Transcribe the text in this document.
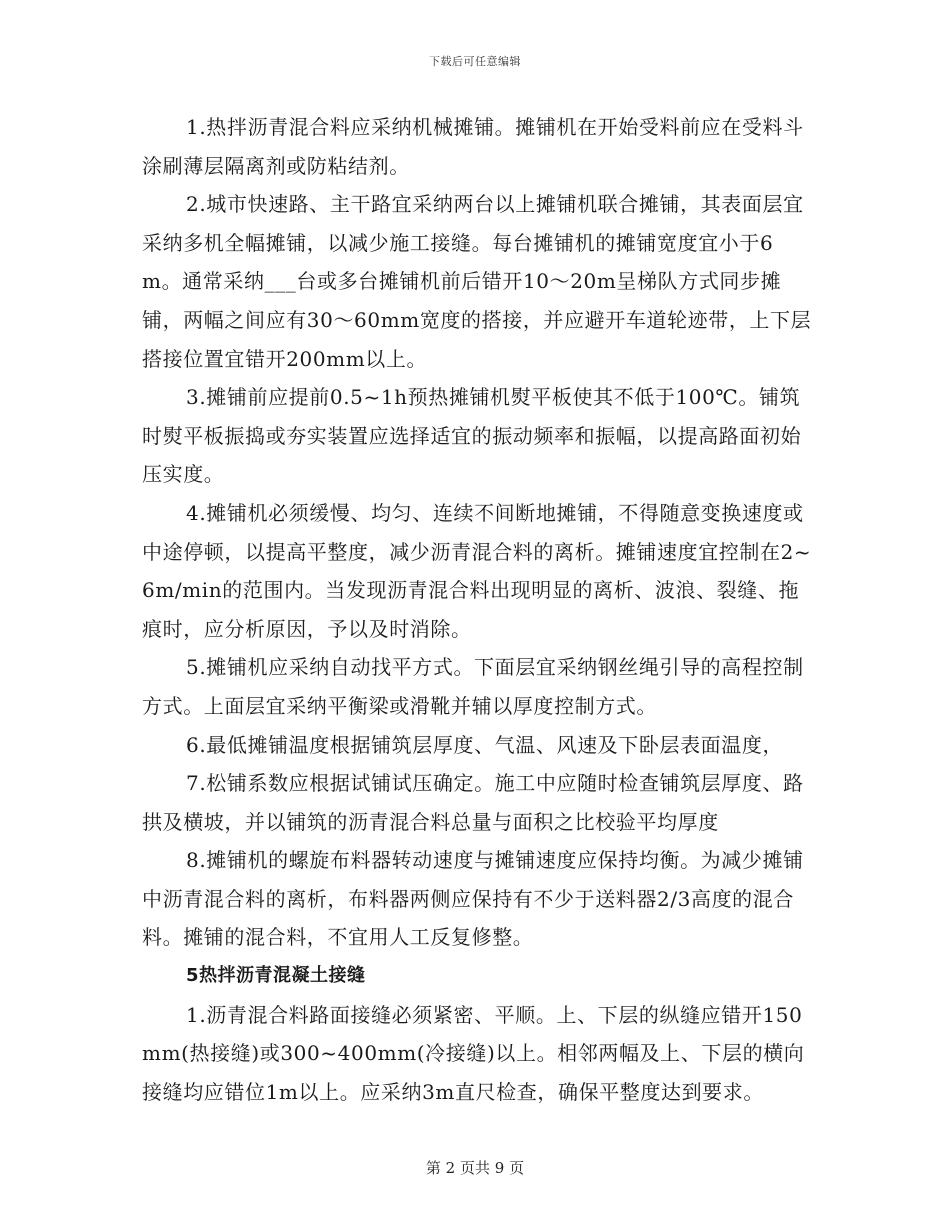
下载后可任意编辑

1.热拌沥青混合料应采纳机械摊铺。摊铺机在开始受料前应在受料斗涂刷薄层隔离剂或防粘结剂。

2.城市快速路、主干路宜采纳两台以上摊铺机联合摊铺，其表面层宜采纳多机全幅摊铺，以减少施工接缝。每台摊铺机的摊铺宽度宜小于6m。通常采纳___台或多台摊铺机前后错开10〜20m呈梯队方式同步摊铺，两幅之间应有30〜60mm宽度的搭接，并应避开车道轮迹带，上下层搭接位置宜错开200mm以上。

3.摊铺前应提前0.5~1h预热摊铺机熨平板使其不低于100℃。铺筑时熨平板振捣或夯实装置应选择适宜的振动频率和振幅，以提高路面初始压实度。

4.摊铺机必须缓慢、均匀、连续不间断地摊铺，不得随意变换速度或中途停顿，以提高平整度，减少沥青混合料的离析。摊铺速度宜控制在2~6m/min的范围内。当发现沥青混合料出现明显的离析、波浪、裂缝、拖痕时，应分析原因，予以及时消除。

5.摊铺机应采纳自动找平方式。下面层宜采纳钢丝绳引导的高程控制方式。上面层宜采纳平衡梁或滑靴并辅以厚度控制方式。

6.最低摊铺温度根据铺筑层厚度、气温、风速及下卧层表面温度，

7.松铺系数应根据试铺试压确定。施工中应随时检查铺筑层厚度、路拱及横坡，并以铺筑的沥青混合料总量与面积之比校验平均厚度

8.摊铺机的螺旋布料器转动速度与摊铺速度应保持均衡。为减少摊铺中沥青混合料的离析，布料器两侧应保持有不少于送料器2/3高度的混合料。摊铺的混合料，不宜用人工反复修整。

5热拌沥青混凝土接缝

1.沥青混合料路面接缝必须紧密、平顺。上、下层的纵缝应错开150mm(热接缝)或300~400mm(冷接缝)以上。相邻两幅及上、下层的横向接缝均应错位1m以上。应采纳3m直尺检查，确保平整度达到要求。

第 2 页共 9 页
